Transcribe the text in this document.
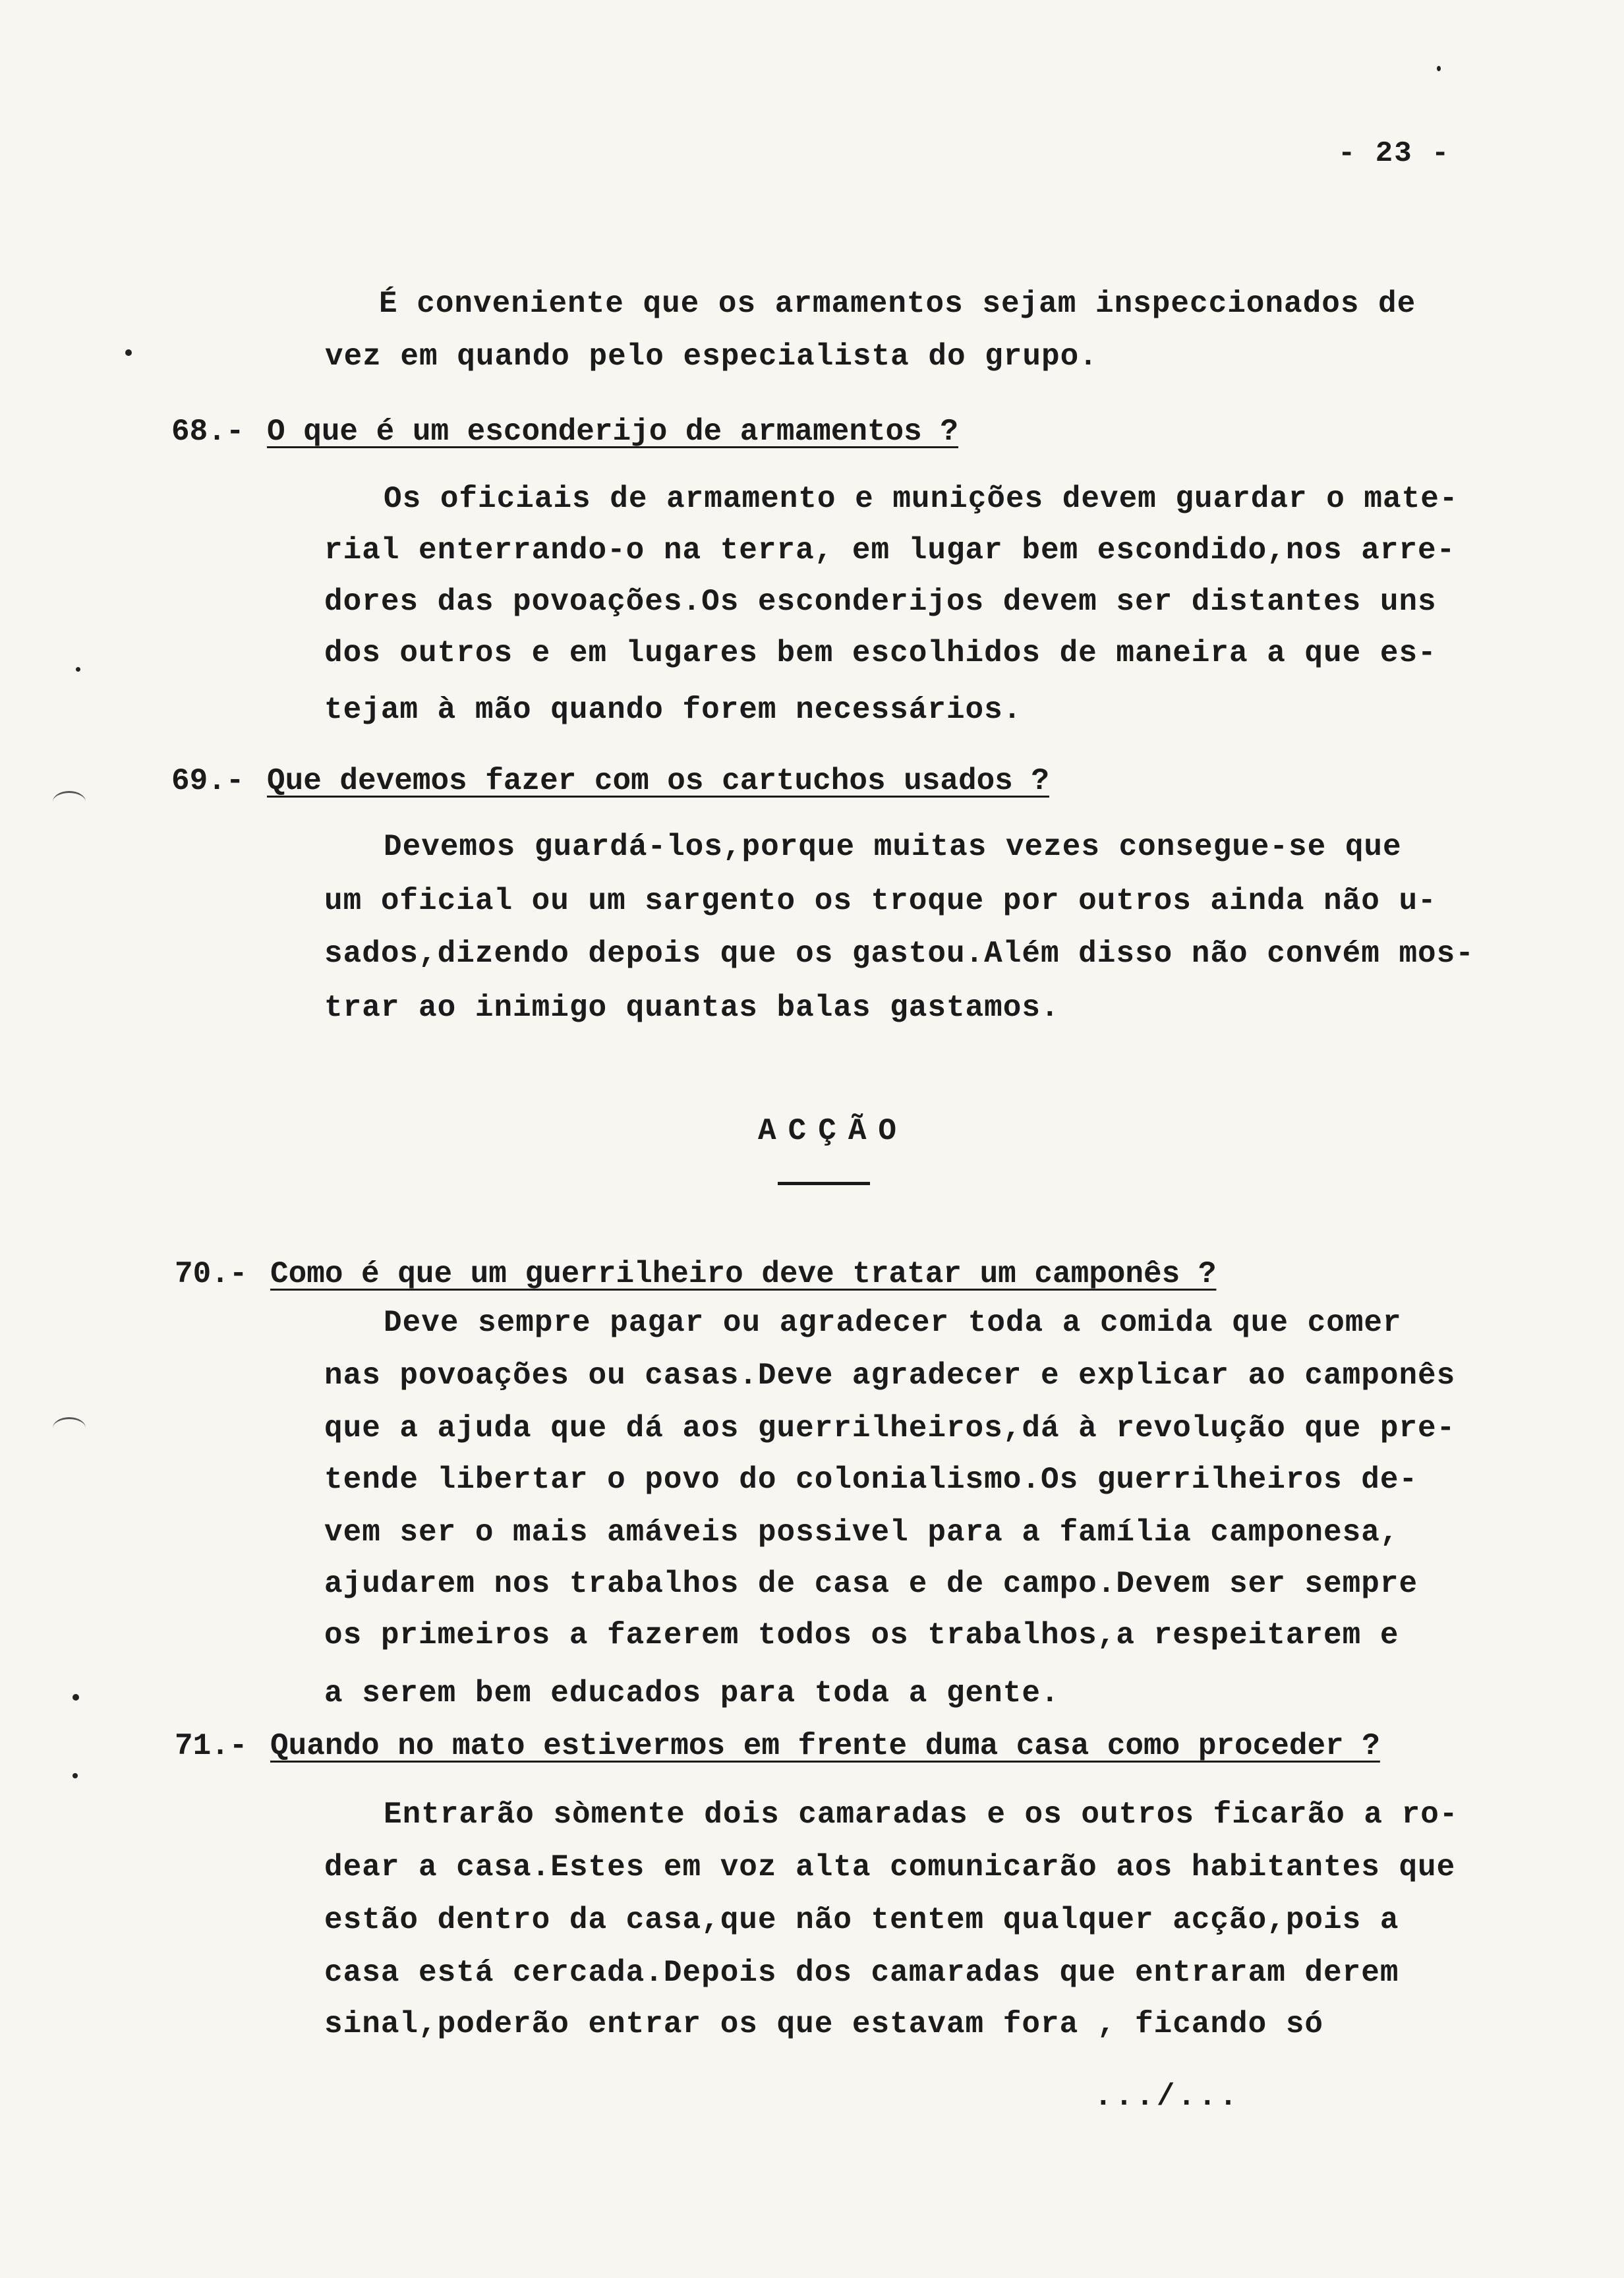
- 23 -
É conveniente que os armamentos sejam inspeccionados de
vez em quando pelo especialista do grupo.
68.- O que é um esconderijo de armamentos ?
Os oficiais de armamento e munições devem guardar o mate-
rial enterrando-o na terra, em lugar bem escondido,nos arre-
dores das povoações.Os esconderijos devem ser distantes uns
dos outros e em lugares bem escolhidos de maneira a que es-
tejam à mão quando forem necessários.
69.- Que devemos fazer com os cartuchos usados ?
Devemos guardá-los,porque muitas vezes consegue-se que
um oficial ou um sargento os troque por outros ainda não u-
sados,dizendo depois que os gastou.Além disso não convém mos-
trar ao inimigo quantas balas gastamos.
ACÇÃO
70.- Como é que um guerrilheiro deve tratar um camponês ?
Deve sempre pagar ou agradecer toda a comida que comer
nas povoações ou casas.Deve agradecer e explicar ao camponês
que a ajuda que dá aos guerrilheiros,dá à revolução que pre-
tende libertar o povo do colonialismo.Os guerrilheiros de-
vem ser o mais amáveis possivel para a família camponesa,
ajudarem nos trabalhos de casa e de campo.Devem ser sempre
os primeiros a fazerem todos os trabalhos,a respeitarem e
a serem bem educados para toda a gente.
71.- Quando no mato estivermos em frente duma casa como proceder ?
Entrarão sòmente dois camaradas e os outros ficarão a ro-
dear a casa.Estes em voz alta comunicarão aos habitantes que
estão dentro da casa,que não tentem qualquer acção,pois a
casa está cercada.Depois dos camaradas que entraram derem
sinal,poderão entrar os que estavam fora , ficando só
.../...
